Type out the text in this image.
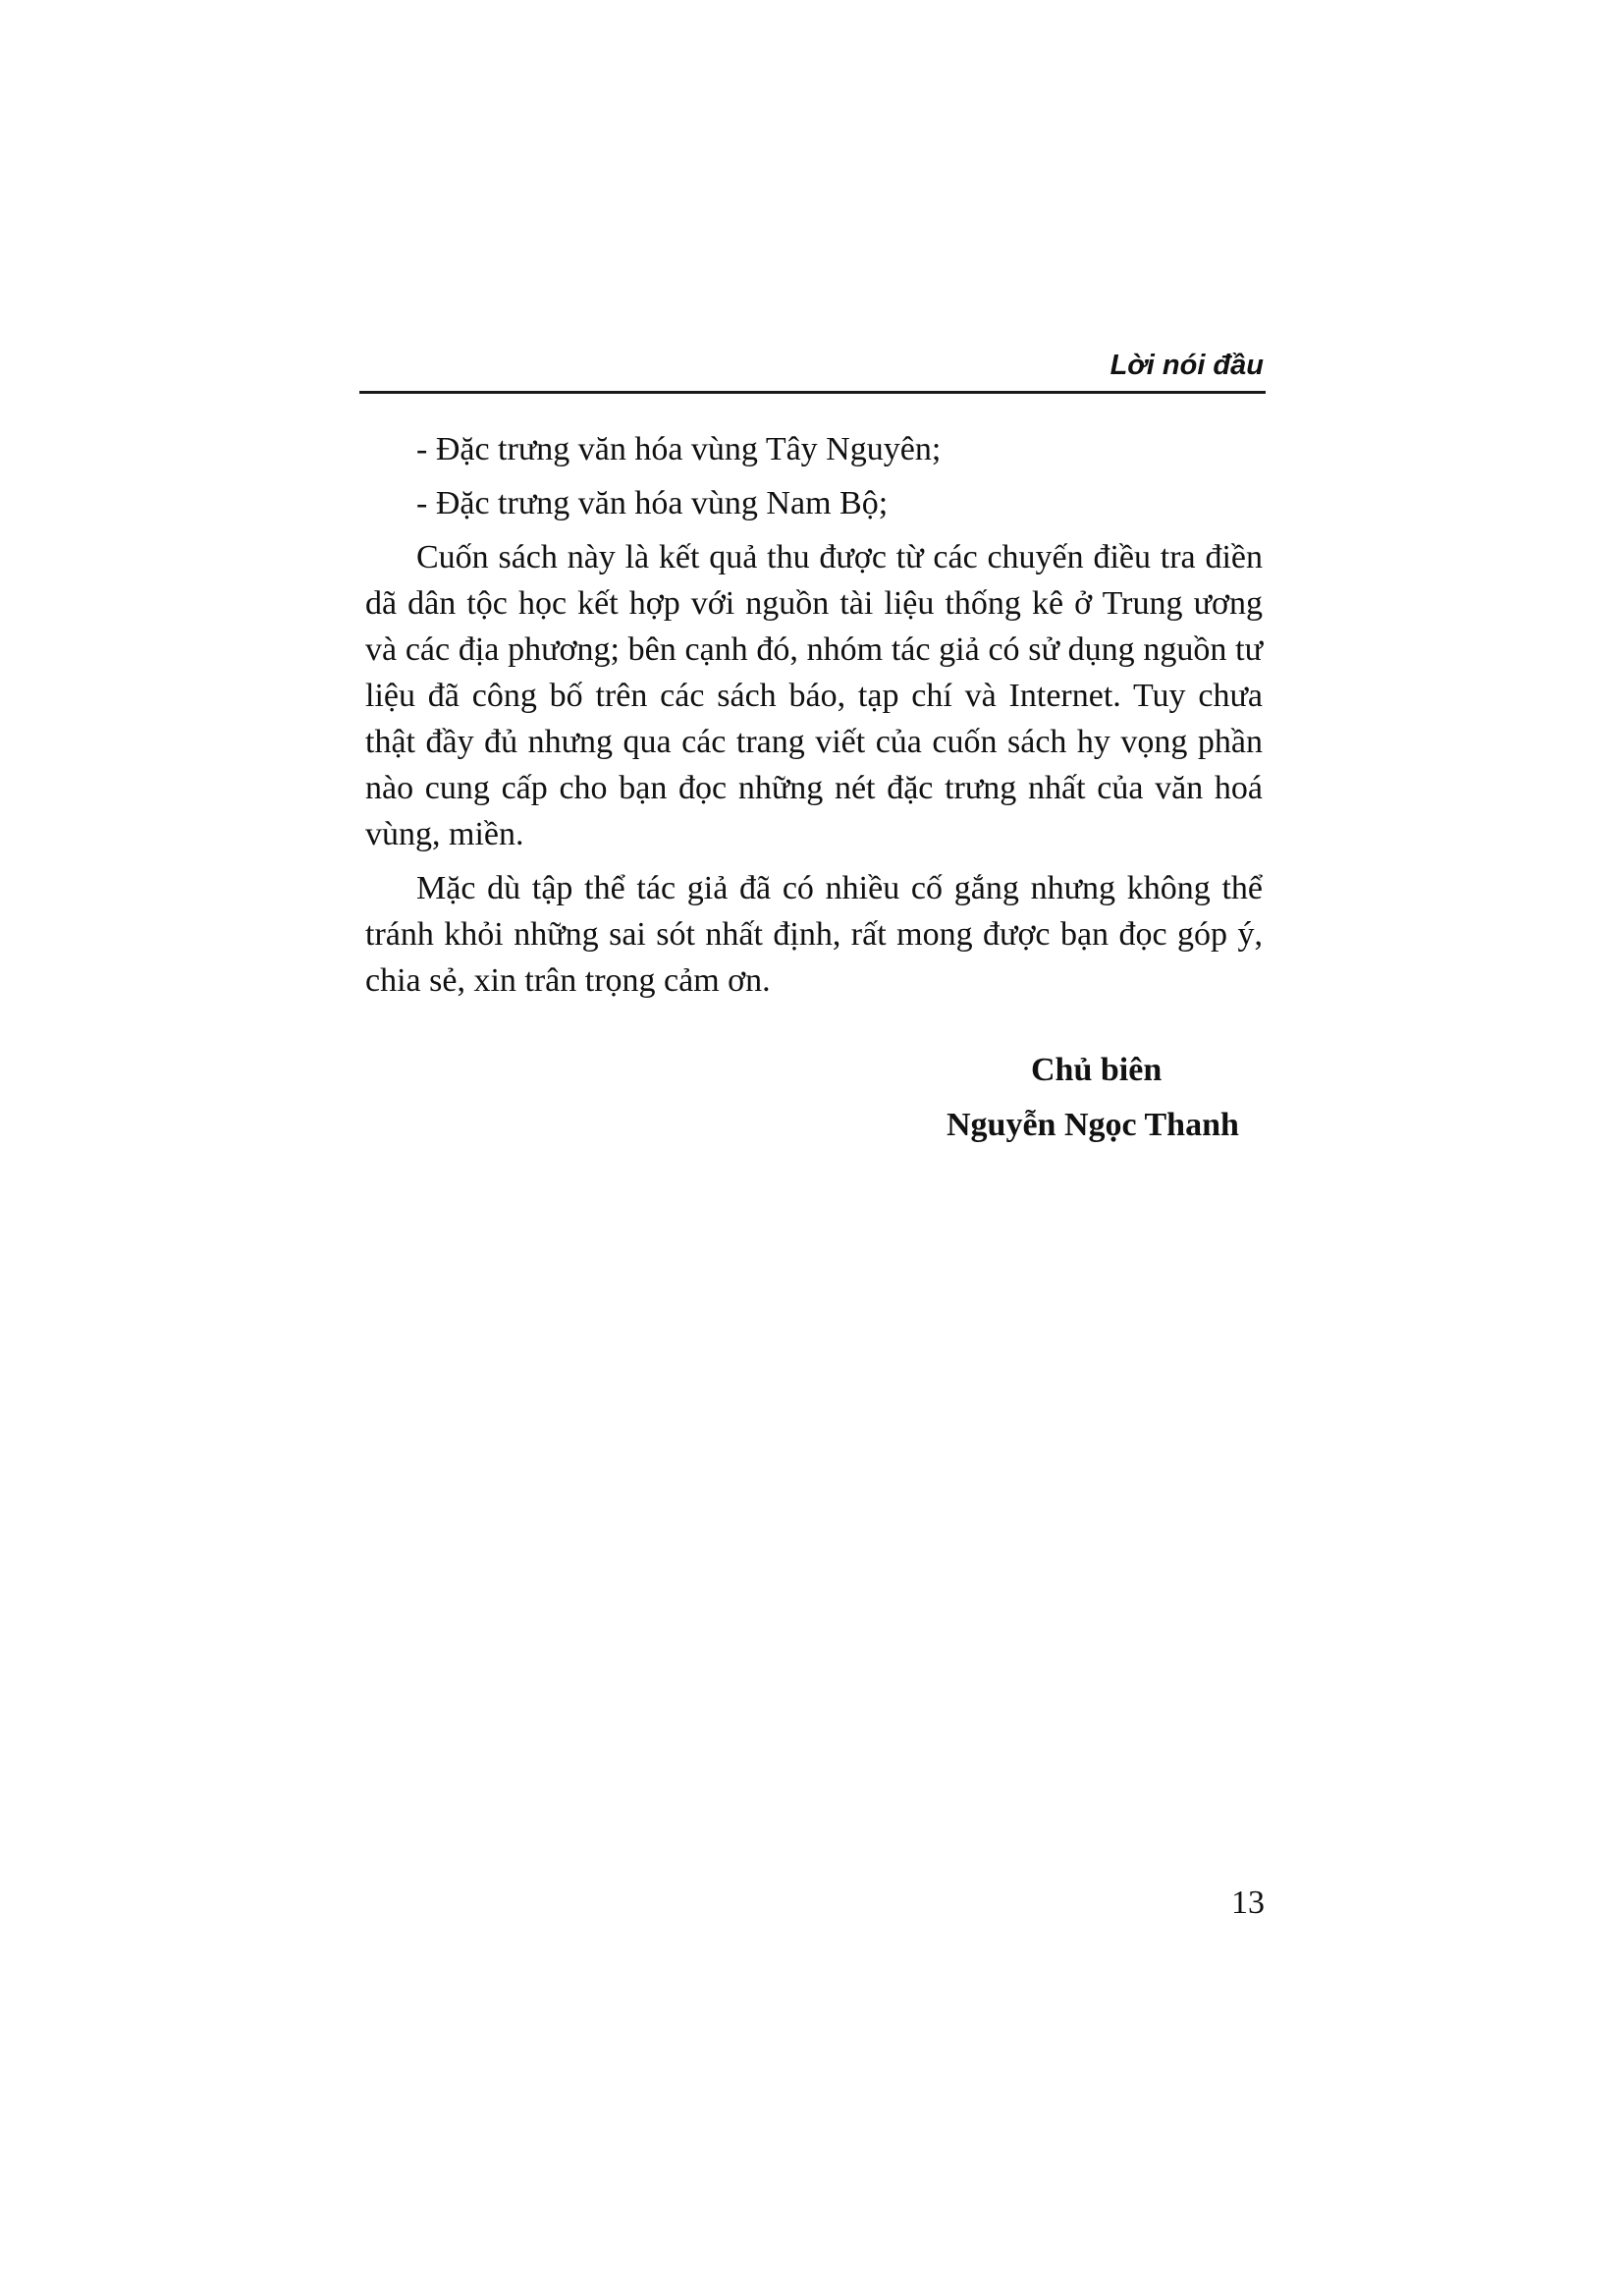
Lời nói đầu

- Đặc trưng văn hóa vùng Tây Nguyên;

- Đặc trưng văn hóa vùng Nam Bộ;

Cuốn sách này là kết quả thu được từ các chuyến điều tra điền dã dân tộc học kết hợp với nguồn tài liệu thống kê ở Trung ương và các địa phương; bên cạnh đó, nhóm tác giả có sử dụng nguồn tư liệu đã công bố trên các sách báo, tạp chí và Internet. Tuy chưa thật đầy đủ nhưng qua các trang viết của cuốn sách hy vọng phần nào cung cấp cho bạn đọc những nét đặc trưng nhất của văn hoá vùng, miền.

Mặc dù tập thể tác giả đã có nhiều cố gắng nhưng không thể tránh khỏi những sai sót nhất định, rất mong được bạn đọc góp ý, chia sẻ, xin trân trọng cảm ơn.

Chủ biên
Nguyễn Ngọc Thanh
13
